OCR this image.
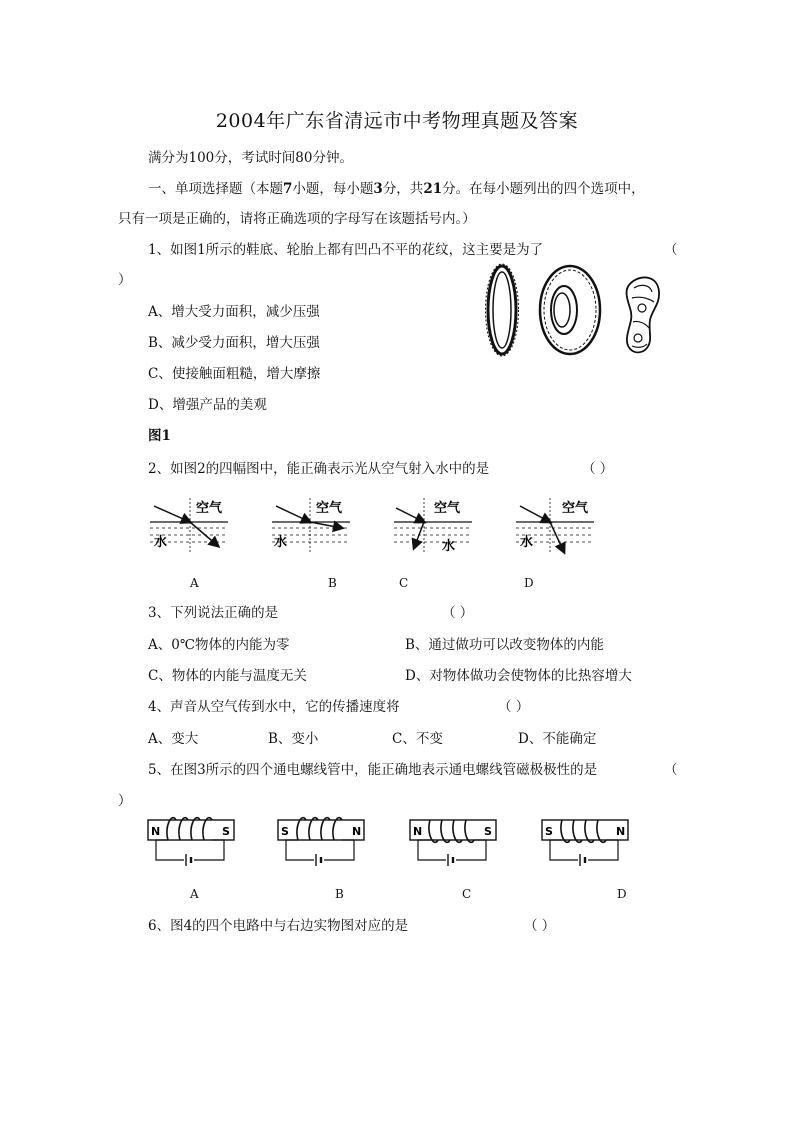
2004年广东省清远市中考物理真题及答案
满分为100分，考试时间80分钟。
一、单项选择题（本题7小题，每小题3分，共21分。在每小题列出的四个选项中，
只有一项是正确的，请将正确选项的字母写在该题括号内。）
1、如图1所示的鞋底、轮胎上都有凹凸不平的花纹，这主要是为了	（
）
A、增大受力面积，减少压强
B、减少受力面积，增大压强
C、使接触面粗糙，增大摩擦
D、增强产品的美观
图1
2、如图2的四幅图中，能正确表示光从空气射入水中的是	（ ）
空气
水
空气
水
空气
水
空气
水
A	B	C	D
3、下列说法正确的是	（ ）
A、0℃物体的内能为零	B、通过做功可以改变物体的内能
C、物体的内能与温度无关	D、对物体做功会使物体的比热容增大
4、声音从空气传到水中，它的传播速度将	（ ）
A、变大	B、变小	C、不变	D、不能确定
5、在图3所示的四个通电螺线管中，能正确地表示通电螺线管磁极极性的是	（
）
N	S	S	N	N	S	S	N
A	B	C	D
6、图4的四个电路中与右边实物图对应的是	（ ）
